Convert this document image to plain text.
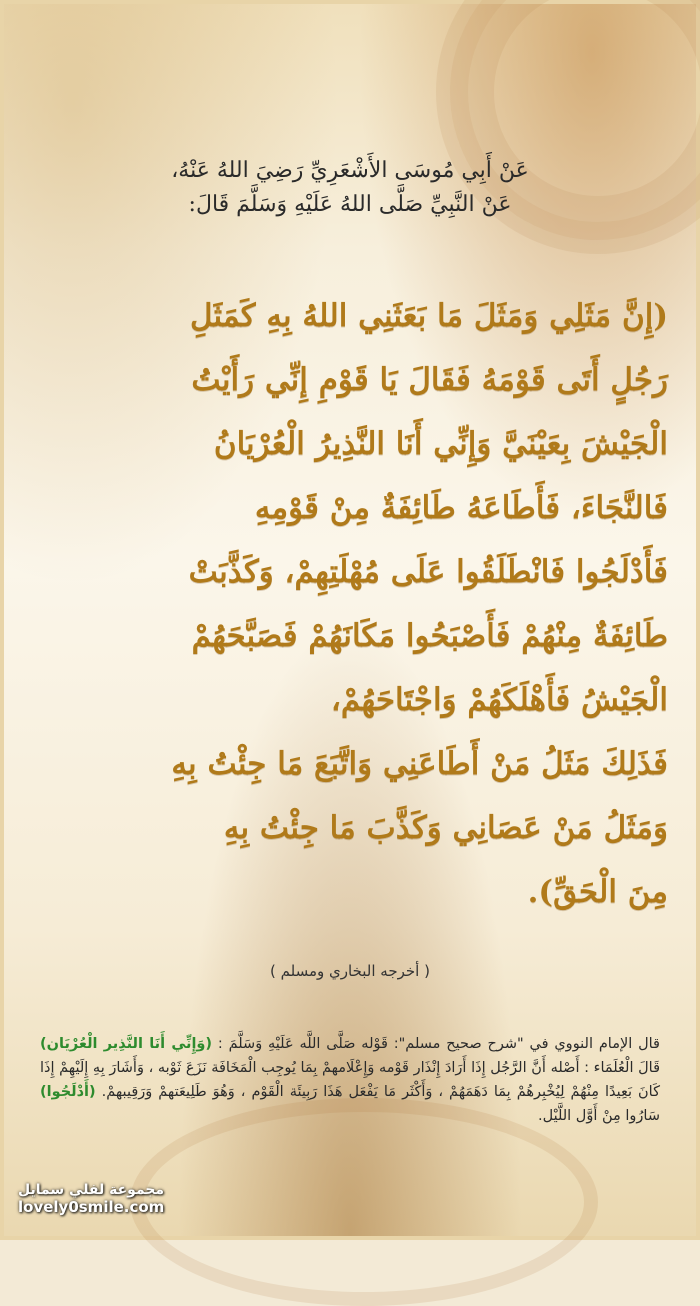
عَنْ أَبِي مُوسَى الأَشْعَرِيِّ رَضِيَ اللهُ عَنْهُ،
عَنْ النَّبِيِّ صَلَّى اللهُ عَلَيْهِ وَسَلَّمَ قَالَ:
(إِنَّ مَثَلِي وَمَثَلَ مَا بَعَثَنِي اللهُ بِهِ كَمَثَلِ
رَجُلٍ أَتَى قَوْمَهُ فَقَالَ يَا قَوْمِ إِنِّي رَأَيْتُ
الْجَيْشَ بِعَيْنَيَّ وَإِنِّي أَنَا النَّذِيرُ الْعُرْيَانُ
فَالنَّجَاءَ، فَأَطَاعَهُ طَائِفَةٌ مِنْ قَوْمِهِ
فَأَدْلَجُوا فَانْطَلَقُوا عَلَى مُهْلَتِهِمْ، وَكَذَّبَتْ
طَائِفَةٌ مِنْهُمْ فَأَصْبَحُوا مَكَانَهُمْ فَصَبَّحَهُمْ
الْجَيْشُ فَأَهْلَكَهُمْ وَاجْتَاحَهُمْ،
فَذَلِكَ مَثَلُ مَنْ أَطَاعَنِي وَاتَّبَعَ مَا جِئْتُ بِهِ
وَمَثَلُ مَنْ عَصَانِي وَكَذَّبَ مَا جِئْتُ بِهِ
مِنَ الْحَقِّ).
( أخرجه البخاري ومسلم )
قال الإمام النووي في "شرح صحيح مسلم": قَوْله صَلَّى اللَّه عَلَيْهِ وَسَلَّمَ : (وَإِنِّي أَنَا النَّذِير الْعُرْيَان) قَالَ الْعُلَمَاء : أَصْله أَنَّ الرَّجُل إِذَا أَرَادَ إِنْذَار قَوْمه وَإِعْلَامهمْ بِمَا يُوجِب الْمَخَافَة نَزَعَ ثَوْبه ، وَأَشَارَ بِهِ إِلَيْهِمْ إِذَا كَانَ بَعِيدًا مِنْهُمْ لِيُخْبِرهُمْ بِمَا دَهَمَهُمْ ، وَأَكْثَر مَا يَفْعَل هَذَا رَبِيئَة الْقَوْم ، وَهُوَ طَلِيعَتهمْ وَرَقِيبهمْ. (أَدْلَجُوا) سَارُوا مِنْ أَوَّل اللَّيْل.
مجموعة لفلي سمايل
lovely0smile.com
